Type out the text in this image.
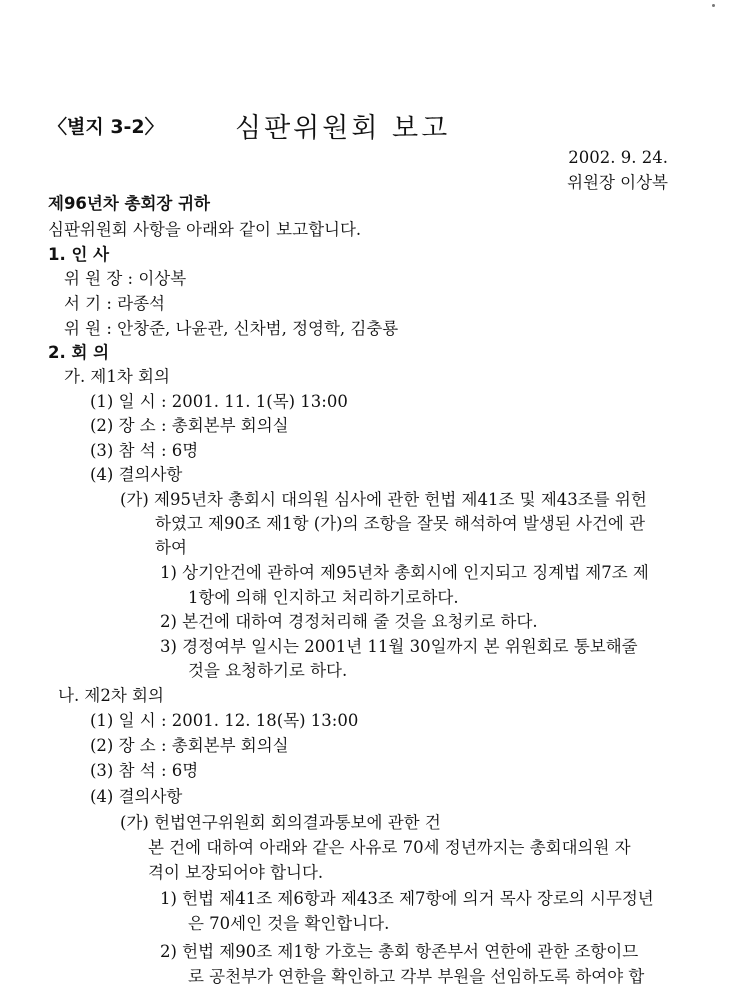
〈별지 3-2〉	심판위원회 보고
2002. 9. 24.
위원장 이상복
제96년차 총회장 귀하
심판위원회 사항을 아래와 같이 보고합니다.
1. 인 사
위 원 장 : 이상복
서 기 : 라종석
위 원 : 안창준, 나윤관, 신차범, 정영학, 김충룡
2. 회 의
가. 제1차 회의
(1) 일 시 : 2001. 11. 1(목) 13:00
(2) 장 소 : 총회본부 회의실
(3) 참 석 : 6명
(4) 결의사항
(가) 제95년차 총회시 대의원 심사에 관한 헌법 제41조 및 제43조를 위헌
하였고 제90조 제1항 (가)의 조항을 잘못 해석하여 발생된 사건에 관
하여
1) 상기안건에 관하여 제95년차 총회시에 인지되고 징계법 제7조 제
1항에 의해 인지하고 처리하기로하다.
2) 본건에 대하여 경정처리해 줄 것을 요청키로 하다.
3) 경정여부 일시는 2001년 11월 30일까지 본 위원회로 통보해줄
것을 요청하기로 하다.
나. 제2차 회의
(1) 일 시 : 2001. 12. 18(목) 13:00
(2) 장 소 : 총회본부 회의실
(3) 참 석 : 6명
(4) 결의사항
(가) 헌법연구위원회 회의결과통보에 관한 건
본 건에 대하여 아래와 같은 사유로 70세 정년까지는 총회대의원 자
격이 보장되어야 합니다.
1) 헌법 제41조 제6항과 제43조 제7항에 의거 목사 장로의 시무정년
은 70세인 것을 확인합니다.
2) 헌법 제90조 제1항 가호는 총회 항존부서 연한에 관한 조항이므
로 공천부가 연한을 확인하고 각부 부원을 선임하도록 하여야 합
